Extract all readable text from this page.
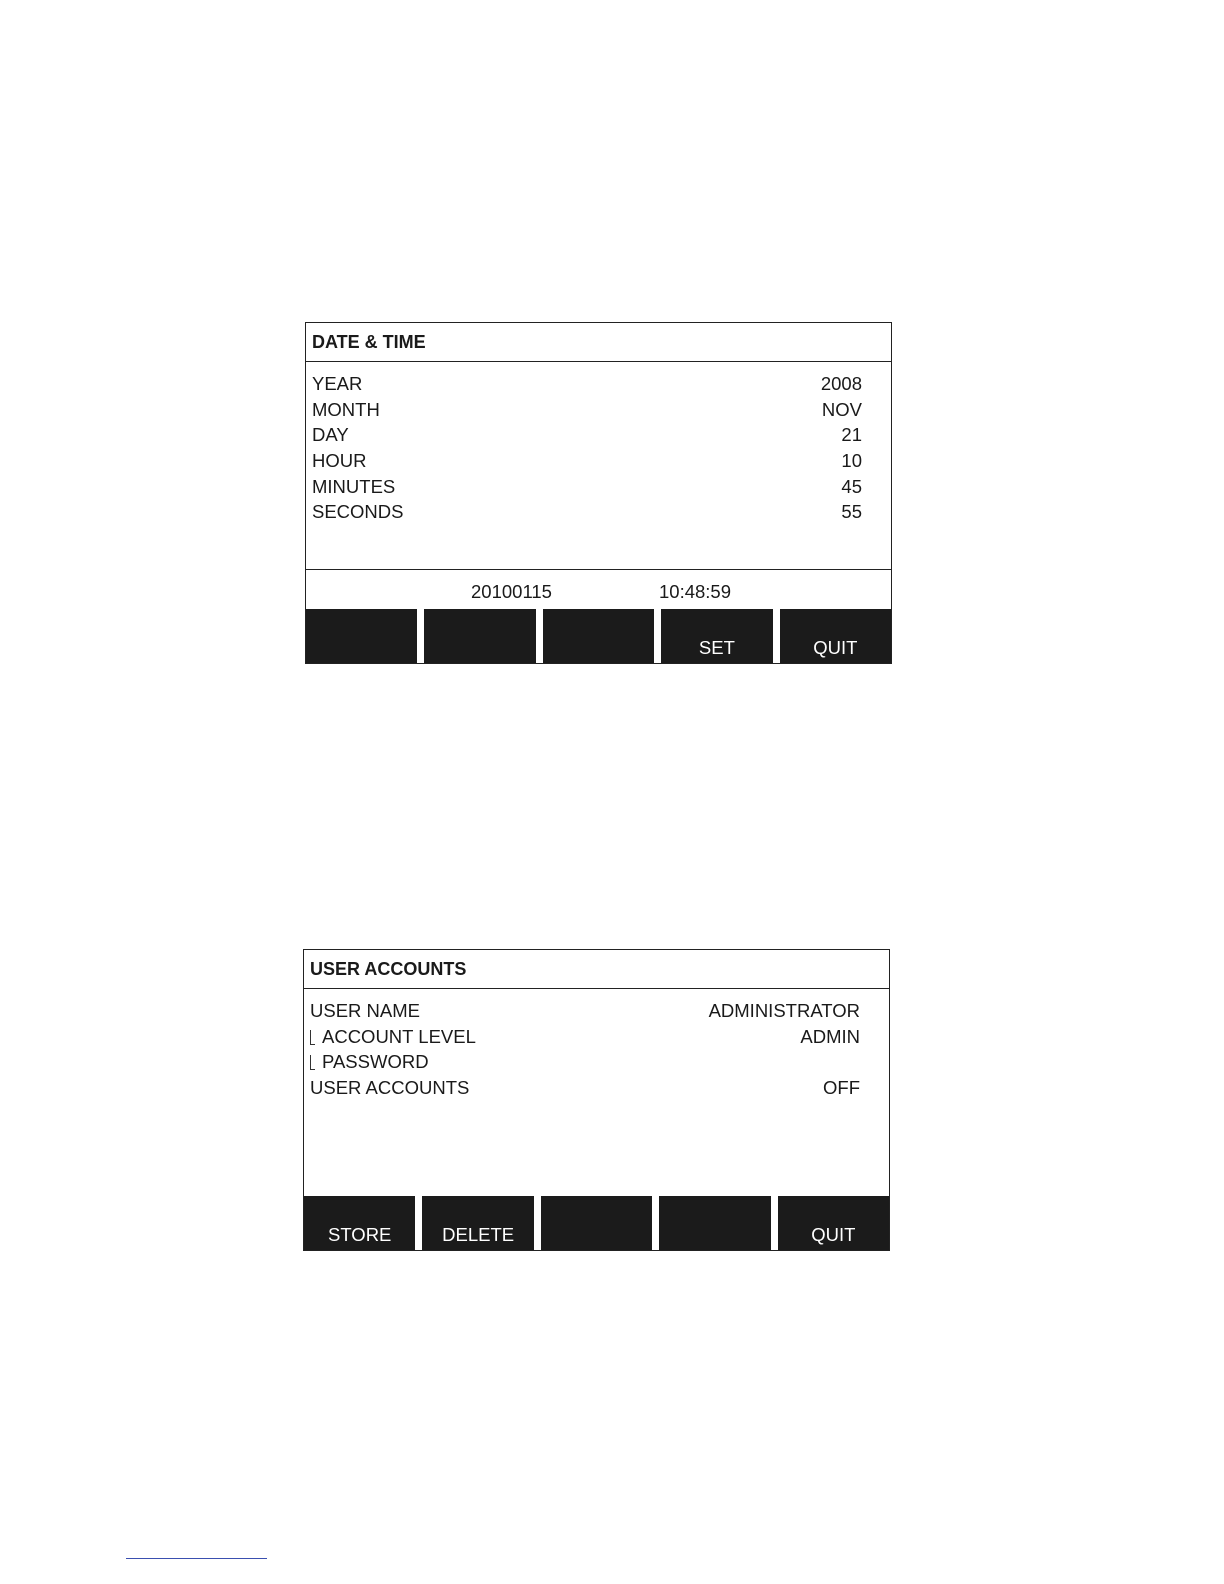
DATE & TIME
YEAR	2008
MONTH	NOV
DAY	21
HOUR	10
MINUTES	45
SECONDS	55
20100115	10:48:59
SET	QUIT
USER ACCOUNTS
USER NAME	ADMINISTRATOR
ACCOUNT LEVEL	ADMIN
PASSWORD
USER ACCOUNTS	OFF
STORE	DELETE	QUIT
